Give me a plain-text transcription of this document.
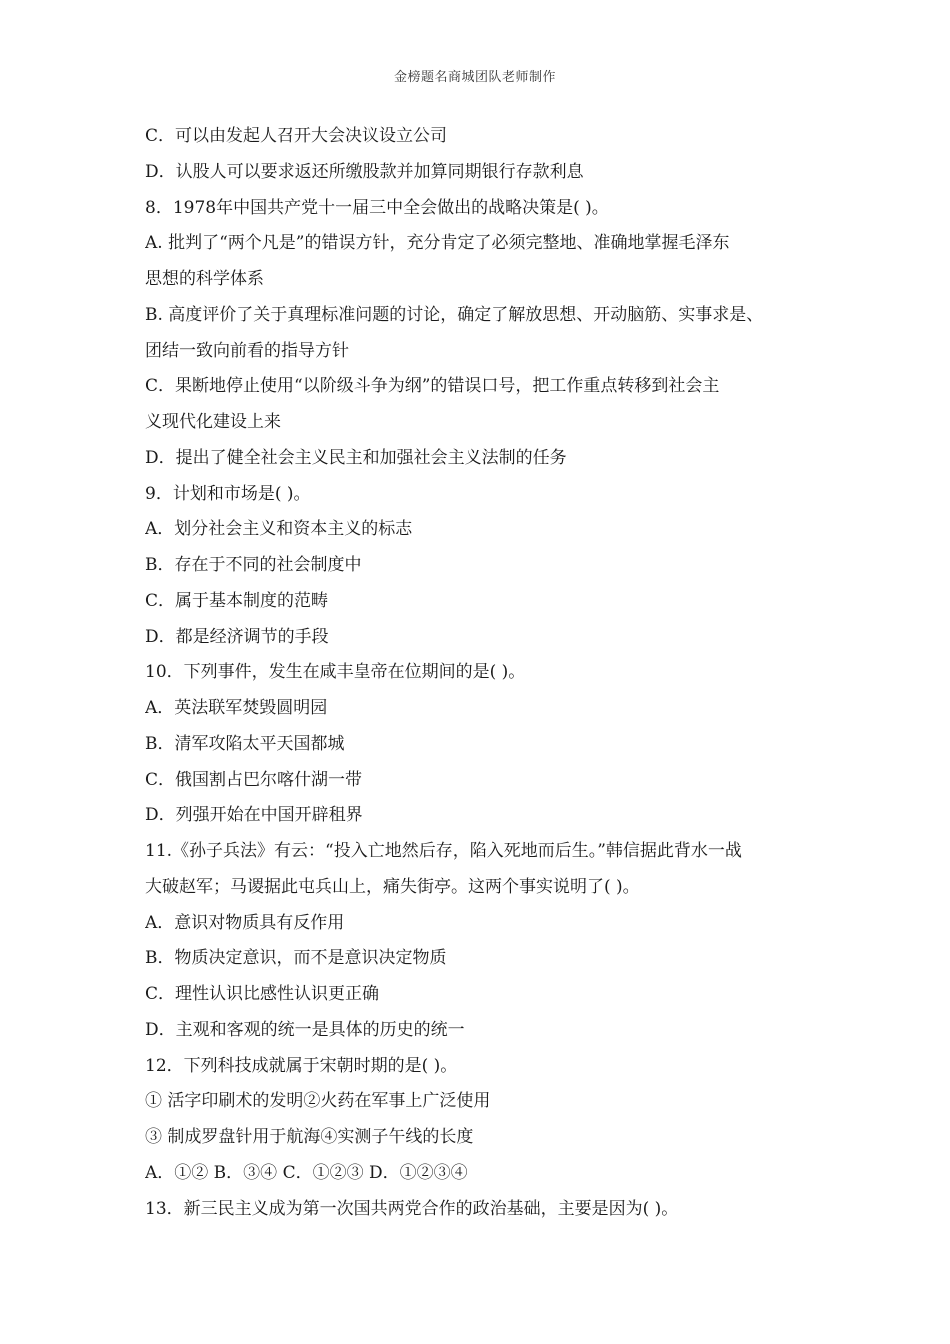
金榜题名商城团队老师制作
C．可以由发起人召开大会决议设立公司
D．认股人可以要求返还所缴股款并加算同期银行存款利息
8．1978年中国共产党十一届三中全会做出的战略决策是( )。
A. 批判了“两个凡是”的错误方针，充分肯定了必须完整地、准确地掌握毛泽东
思想的科学体系
B. 高度评价了关于真理标准问题的讨论，确定了解放思想、开动脑筋、实事求是、
团结一致向前看的指导方针
C．果断地停止使用“以阶级斗争为纲”的错误口号，把工作重点转移到社会主
义现代化建设上来
D．提出了健全社会主义民主和加强社会主义法制的任务
9．计划和市场是( )。
A．划分社会主义和资本主义的标志
B．存在于不同的社会制度中
C．属于基本制度的范畴
D．都是经济调节的手段
10．下列事件，发生在咸丰皇帝在位期间的是( )。
A．英法联军焚毁圆明园
B．清军攻陷太平天国都城
C．俄国割占巴尔喀什湖一带
D．列强开始在中国开辟租界
11.《孙子兵法》有云：“投入亡地然后存，陷入死地而后生。”韩信据此背水一战
大破赵军；马谡据此屯兵山上，痛失街亭。这两个事实说明了( )。
A．意识对物质具有反作用
B．物质决定意识，而不是意识决定物质
C．理性认识比感性认识更正确
D．主观和客观的统一是具体的历史的统一
12．下列科技成就属于宋朝时期的是( )。
① 活字印刷术的发明②火药在军事上广泛使用
③ 制成罗盘针用于航海④实测子午线的长度
A．①② B．③④ C．①②③ D．①②③④
13．新三民主义成为第一次国共两党合作的政治基础，主要是因为( )。
